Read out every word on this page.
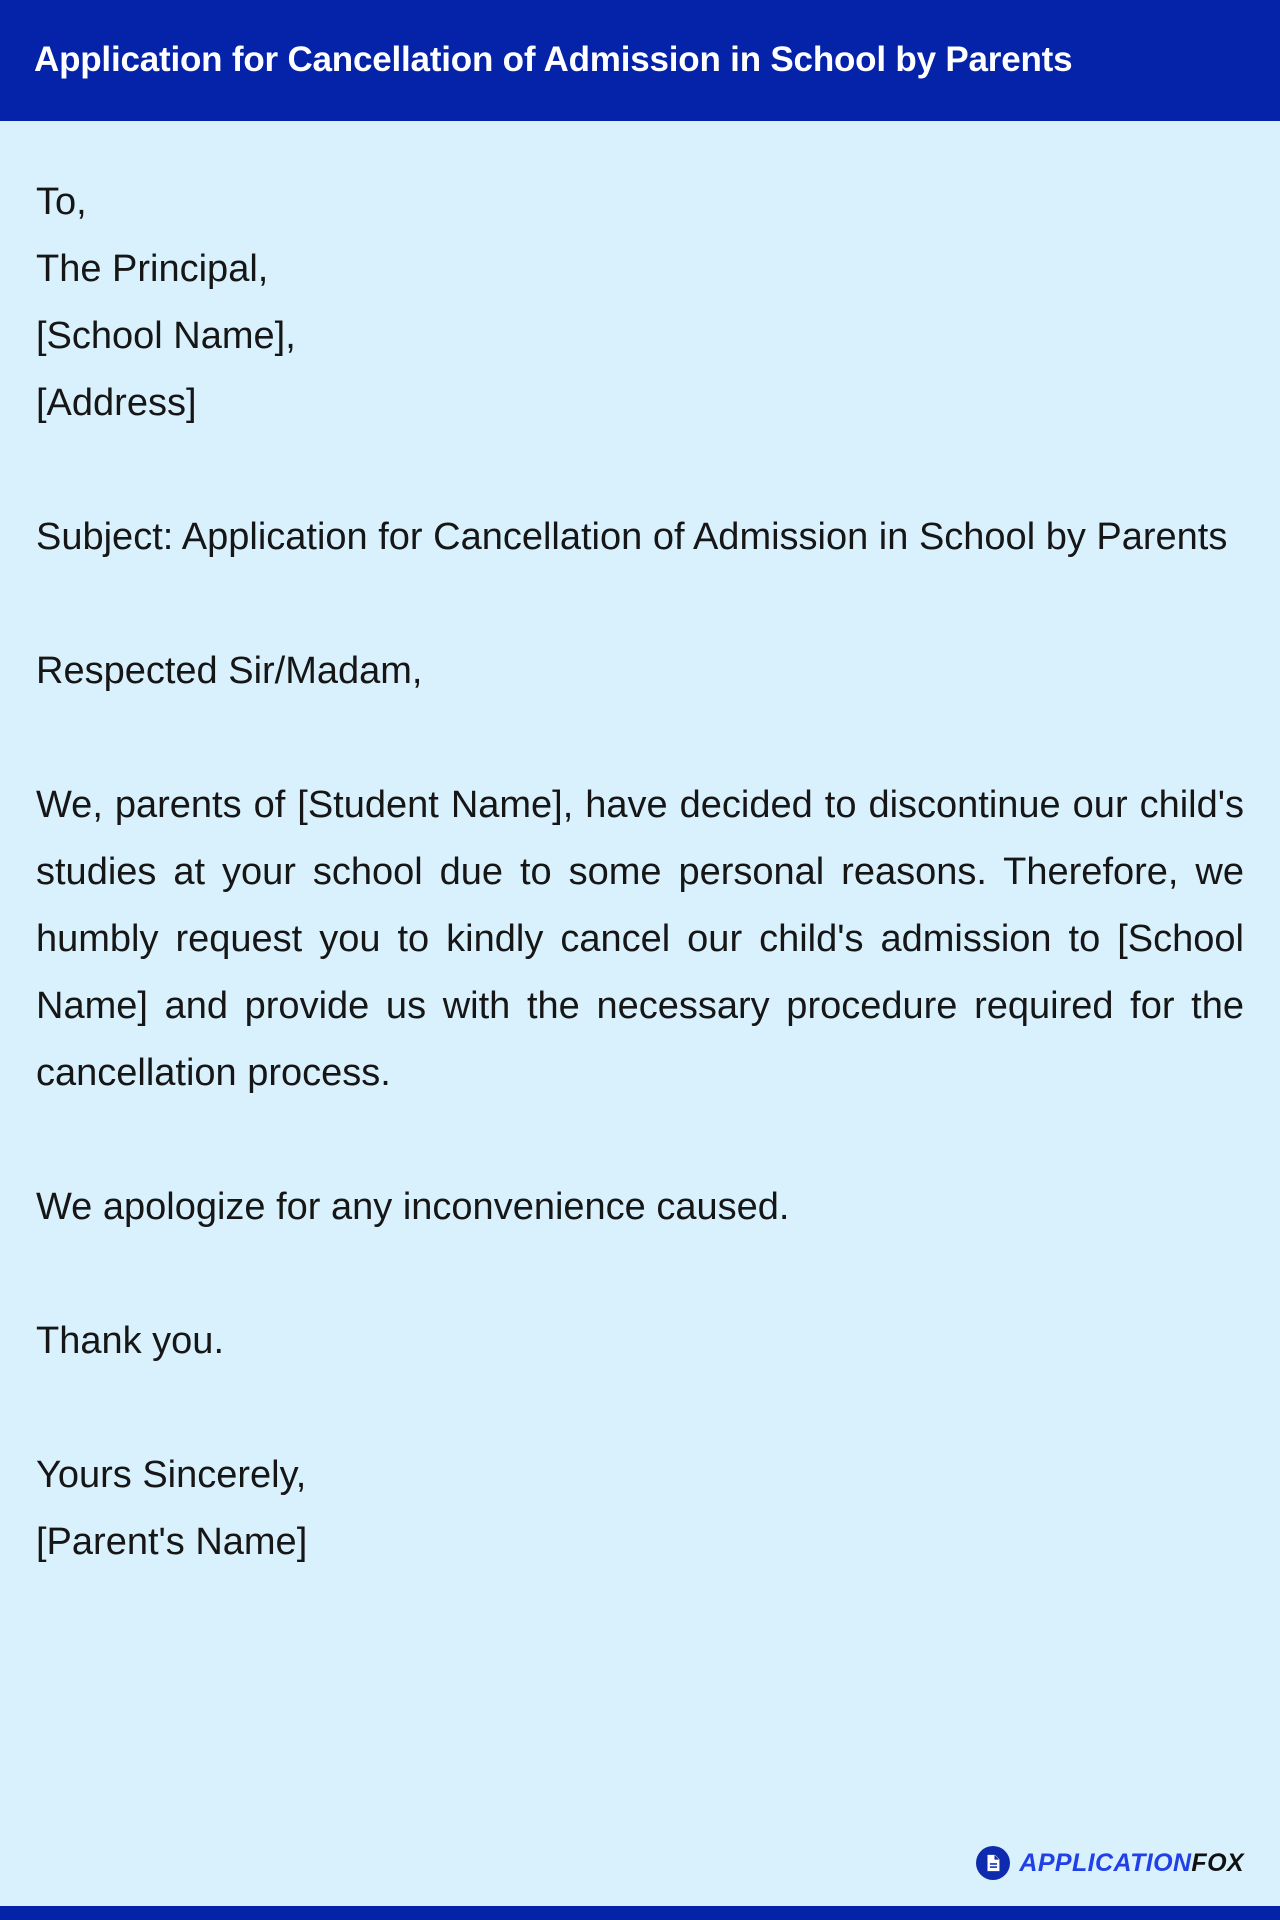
Application for Cancellation of Admission in School by Parents
To,
The Principal,
[School Name],
[Address]

Subject: Application for Cancellation of Admission in School by Parents

Respected Sir/Madam,

We, parents of [Student Name], have decided to discontinue our child's studies at your school due to some personal reasons. Therefore, we humbly request you to kindly cancel our child's admission to [School Name] and provide us with the necessary procedure required for the cancellation process.

We apologize for any inconvenience caused.

Thank you.

Yours Sincerely,
[Parent's Name]
APPLICATIONFOX
